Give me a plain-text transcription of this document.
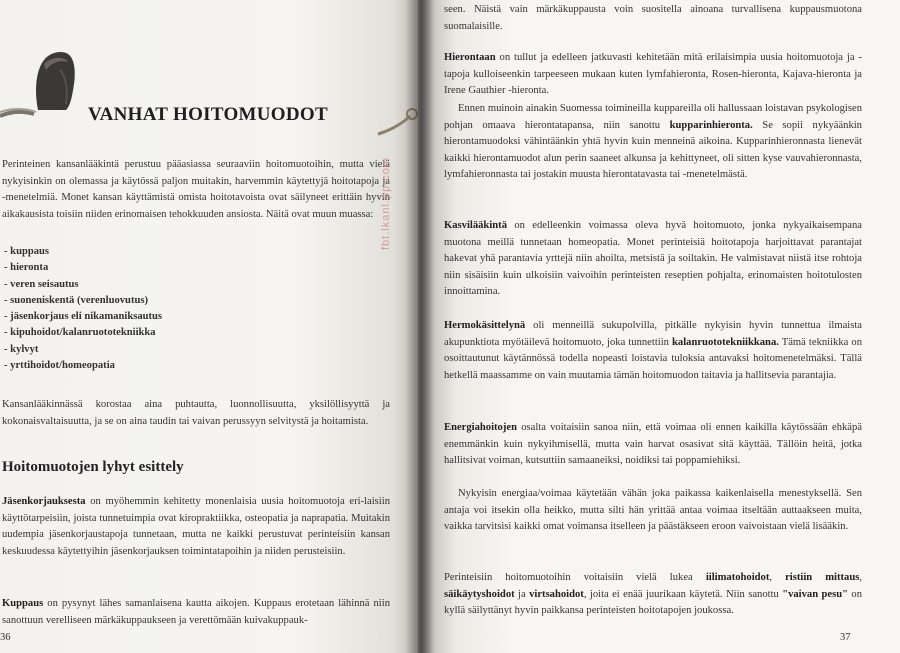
VANHAT HOITOMUODOT

Perinteinen kansanlääkintä perustuu pääasiassa seuraaviin hoitomuotoihin, mutta vielä nykyisinkin on olemassa ja käytössä paljon muitakin, harvemmin käytettyjä hoitotapoja ja -menetelmiä. Monet kansan käyttämistä omista hoitotavoista ovat säilyneet erittäin hyvin aikakausista toisiin niiden erinomaisen tehokkuuden ansiosta. Näitä ovat muun muassa:

- kuppaus
- hieronta
- veren seisautus
- suoneniskentä (verenluovutus)
- jäsenkorjaus eli nikamaniksautus
- kipuhoidot/kalanruototekniikka
- kylvyt
- yrttihoidot/homeopatia

Kansanlääkinnässä korostaa aina puhtautta, luonnollisuutta, yksilöllisyyttä ja kokonaisvaltaisuutta, ja se on aina taudin tai vaivan perussyyn selvitystä ja hoitamista.

Hoitomuotojen lyhyt esittely

Jäsenkorjauksesta on myöhemmin kehitetty monenlaisia uusia hoitomuotoja eri-laisiin käyttötarpeisiin, joista tunnetuimpia ovat kiropraktiikka, osteopatia ja naprapatia. Muitakin uudempia jäsenkorjaustapoja tunnetaan, mutta ne kaikki perustuvat perinteisiin kansan keskuudessa käytettyihin jäsenkorjauksen toimintatapoihin ja niiden perusteisiin.

Kuppaus on pysynyt lähes samanlaisena kautta aikojen. Kuppaus erotetaan lähinnä niin sanottuun verelliseen märkäkuppaukseen ja verettömään kuivakuppauk-

36

fbt.lkanl.pp.com

seen. Näistä vain märkäkuppausta voin suositella ainoana turvallisena kuppausmuotona suomalaisille.

Hierontaan on tullut ja edelleen jatkuvasti kehitetään mitä erilaisimpia uusia hoitomuotoja ja -tapoja kulloiseenkin tarpeeseen mukaan kuten lymfahieronta, Rosen-hieronta, Kajava-hieronta ja Irene Gauthier -hieronta.

Ennen muinoin ainakin Suomessa toimineilla kuppareilla oli hallussaan loistavan psykologisen pohjan omaava hierontatapansa, niin sanottu kupparinhieronta. Se sopii nykyäänkin hierontamuodoksi vähintäänkin yhtä hyvin kuin menneinä aikoina. Kupparinhieronnasta lienevät kaikki hierontamuodot alun perin saaneet alkunsa ja kehittyneet, oli sitten kyse vauvahieronnasta, lymfahieronnasta tai jostakin muusta hierontatavasta tai -menetelmästä.

Kasvilääkintä on edelleenkin voimassa oleva hyvä hoitomuoto, jonka nykyaikaisempana muotona meillä tunnetaan homeopatia. Monet perinteisiä hoitotapoja harjoittavat parantajat hakevat yhä parantavia yrttejä niin ahoilta, metsistä ja soiltakin. He valmistavat niistä itse rohtoja niin sisäisiin kuin ulkoisiin vaivoihin perinteisten reseptien pohjalta, erinomaisten hoitotulosten innoittamina.

Hermokäsittelynä oli menneillä sukupolvilla, pitkälle nykyisin hyvin tunnettua ilmaista akupunktiota myötäilevä hoitomuoto, joka tunnettiin kalanruototekniikkana. Tämä tekniikka on osoittautunut käytännössä todella nopeasti loistavia tuloksia antavaksi hoitomenetelmäksi. Tällä hetkellä maassamme on vain muutamia tämän hoitomuodon taitavia ja hallitsevia parantajia.

Energiahoitojen osalta voitaisiin sanoa niin, että voimaa oli ennen kaikilla käytössään ehkäpä enemmänkin kuin nykyihmisellä, mutta vain harvat osasivat sitä käyttää. Tällöin heitä, jotka hallitsivat voiman, kutsuttiin samaaneiksi, noidiksi tai poppamiehiksi.

Nykyisin energiaa/voimaa käytetään vähän joka paikassa kaikenlaisella menestyksellä. Sen antaja voi itsekin olla heikko, mutta silti hän yrittää antaa voimaa itseltään auttaakseen muita, vaikka tarvitsisi kaikki omat voimansa itselleen ja päästäkseen eroon vaivoistaan vielä lisääkin.

Perinteisiin hoitomuotoihin voitaisiin vielä lukea iilimatohoidot, ristiin mittaus, säikäytyshoidot ja virtsahoidot, joita ei enää juurikaan käytetä. Niin sanottu "vaivan pesu" on kyllä säilyttänyt hyvin paikkansa perinteisten hoitotapojen joukossa.

37
